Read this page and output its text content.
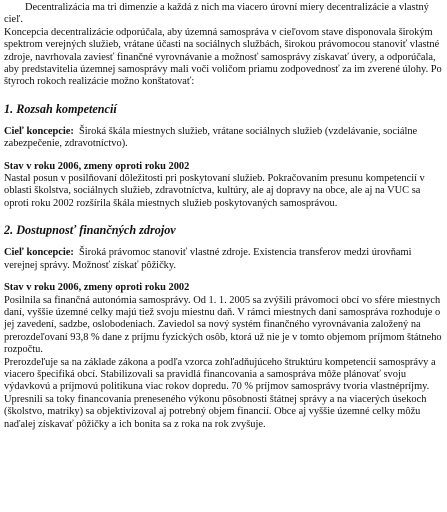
Decentralizácia ma tri dimenzie a každá z nich ma viacero úrovní miery decentralizácie a vlastný cieľ.

Koncepcia decentralizácie odporúčala, aby územná samospráva v cieľovom stave disponovala širokým spektrom verejných služieb, vrátane účasti na sociálnych službách, širokou právomocou stanoviť vlastné zdroje, navrhovala zaviesť finančné vyrovnávanie a možnosť samosprávy získavať úvery, a odporúčala, aby predstavitelia územnej samosprávy mali voči voličom priamu zodpovednosť za im zverené úlohy. Po štyroch rokoch realizácie možno konštatovať:

1. Rozsah kompetencií

Cieľ koncepcie: Široká škála miestnych služieb, vrátane sociálnych služieb (vzdelávanie, sociálne zabezpečenie, zdravotníctvo).

Stav v roku 2006, zmeny oproti roku 2002

Nastal posun v posilňovaní dôležitosti pri poskytovaní služieb. Pokračovaním presunu kompetencií v oblasti školstva, sociálnych služieb, zdravotníctva, kultúry, ale aj dopravy na obce, ale aj na VUC sa oproti roku 2002 rozšírila škála miestnych služieb poskytovaných samosprávou.

2. Dostupnosť finančných zdrojov

Cieľ koncepcie: Široká právomoc stanoviť vlastné zdroje. Existencia transferov medzi úrovňami verejnej správy. Možnosť získať pôžičky.

Stav v roku 2006, zmeny oproti roku 2002

Posilnila sa finančná autonómia samosprávy. Od 1. 1. 2005 sa zvýšili právomoci obcí vo sfére miestnych daní, vyššie územné celky majú tiež svoju miestnu daň. V rámci miestnych daní samospráva rozhoduje o jej zavedení, sadzbe, oslobodeniach. Zaviedol sa nový systém finančného vyrovnávania založený na prerozdeľovaní 93,8 % dane z príjmu fyzických osôb, ktorá už nie je v tomto objemom príjmom štátneho rozpočtu.

Prerozdeľuje sa na základe zákona a podľa vzorca zohľadňujúceho štruktúru kompetencií samosprávy a viacero špecifiká obcí. Stabilizovali sa pravidlá financovania a samospráva môže plánovať svoju výdavkovú a príjmovú politikuna viac rokov dopredu. 70 % príjmov samosprávy tvoria vlastnépríjmy. Upresnili sa toky financovania preneseného výkonu pôsobnosti štátnej správy a na viacerých úsekoch (školstvo, matriky) sa objektivizoval aj potrebný objem financií. Obce aj vyššie územné celky môžu naďalej získavať pôžičky a ich bonita sa z roka na rok zvyšuje.
